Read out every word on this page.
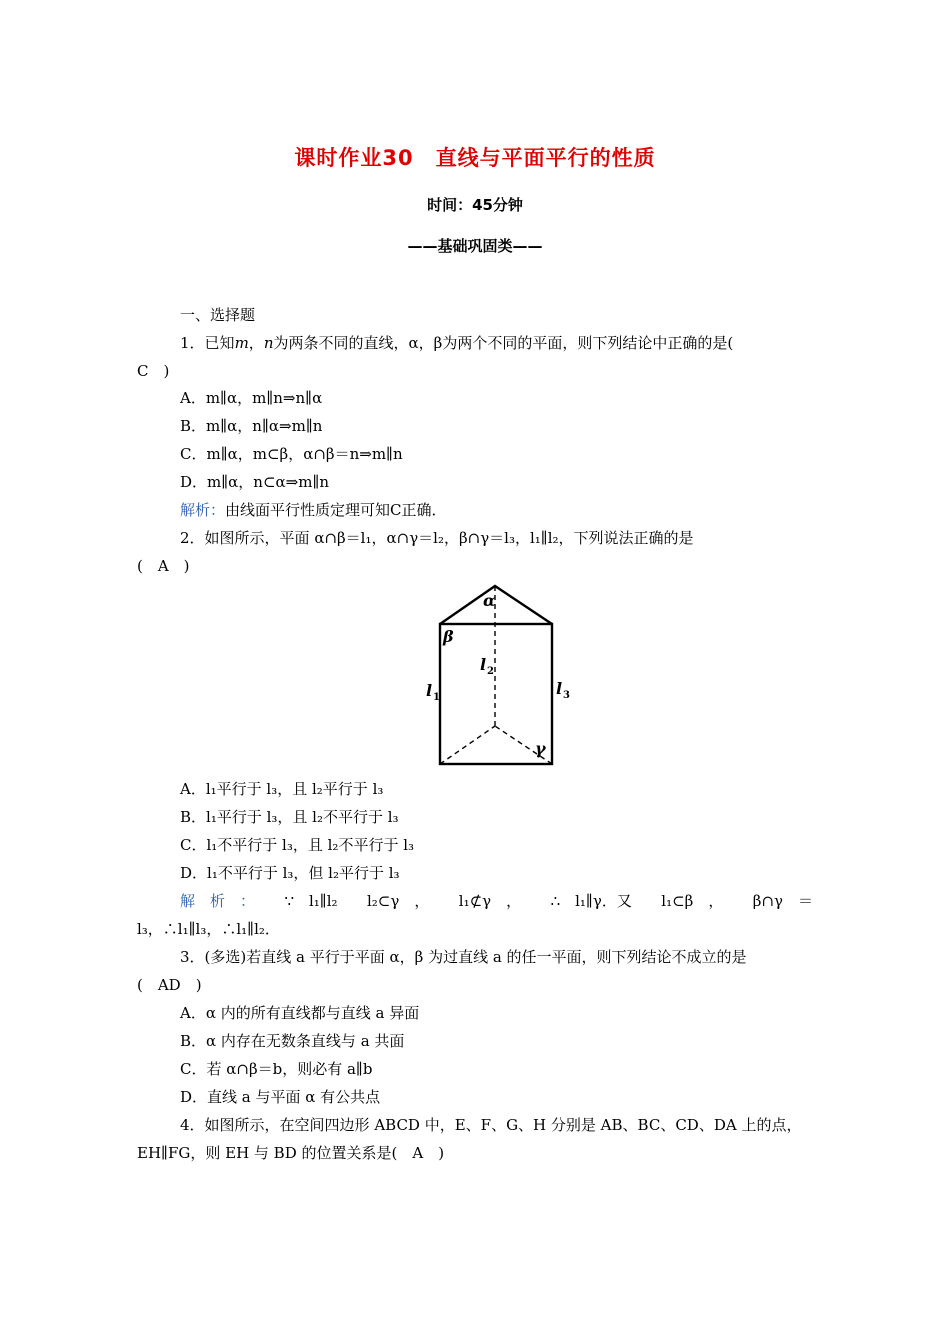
课时作业30　直线与平面平行的性质
时间：45分钟
——基础巩固类——
一、选择题
1．已知m，n为两条不同的直线，α，β为两个不同的平面，则下列结论中正确的是(
C　)
A．m∥α，m∥n⇒n∥α
B．m∥α，n∥α⇒m∥n
C．m∥α，m⊂β，α∩β＝n⇒m∥n
D．m∥α，n⊂α⇒m∥n
解析：由线面平行性质定理可知C正确．
2．如图所示，平面 α∩β＝l₁，α∩γ＝l₂，β∩γ＝l₃，l₁∥l₂，下列说法正确的是
(　A　)
α
β
γ
l 1
l 2
l 3
A．l₁平行于 l₃，且 l₂平行于 l₃
B．l₁平行于 l₃，且 l₂不平行于 l₃
C．l₁不平行于 l₃，且 l₂不平行于 l₃
D．l₁不平行于 l₃，但 l₂平行于 l₃
解　析　： ∵　l₁∥l₂ l₂⊂γ　， l₁⊄γ　， ∴　l₁∥γ．又 l₁⊂β　， β∩γ　＝
l₃，∴l₁∥l₃，∴l₁∥l₂．
3．(多选)若直线 a 平行于平面 α，β 为过直线 a 的任一平面，则下列结论不成立的是
(　AD　)
A．α 内的所有直线都与直线 a 异面
B．α 内存在无数条直线与 a 共面
C．若 α∩β＝b，则必有 a∥b
D．直线 a 与平面 α 有公共点
4．如图所示，在空间四边形 ABCD 中，E、F、G、H 分别是 AB、BC、CD、DA 上的点，
EH∥FG，则 EH 与 BD 的位置关系是(　A　)
